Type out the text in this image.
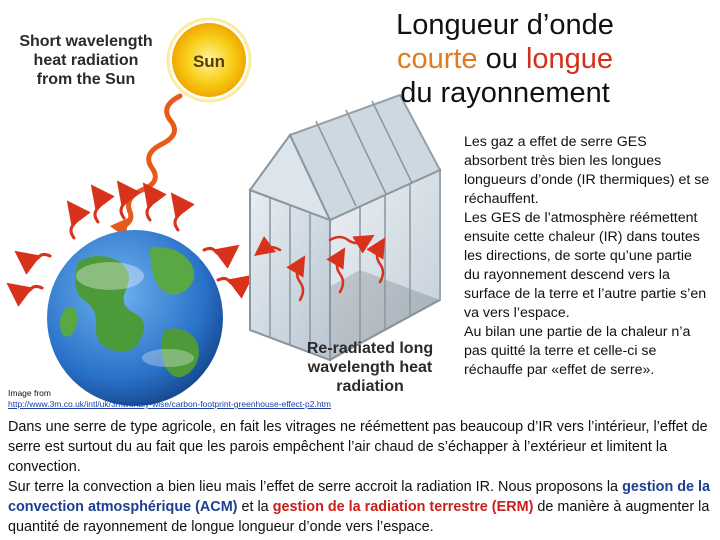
Short wavelength
heat radiation
from the Sun
Sun
Re-radiated long
wavelength heat
radiation
Longueur d’onde
courte ou longue
du rayonnement

Les gaz a effet de serre GES absorbent très bien les longues longueurs d’onde (IR thermiques) et se réchauffent.

Les GES de l’atmosphère réémettent ensuite cette chaleur (IR) dans toutes les directions, de sorte qu’une partie du rayonnement descend vers la surface de la terre et l’autre partie s’en va vers l’espace.

Au bilan une partie de la chaleur n’a pas quitté la terre et celle-ci se réchauffe par «effet de serre».

Image from
http://www.3m.co.uk/intl/uk/3mworldly-wise/carbon-footprint-greenhouse-effect-p2.htm

Dans une serre de type agricole, en fait les vitrages ne réémettent pas beaucoup d’IR vers l’intérieur, l’effet de serre est surtout du au fait que les parois empêchent l’air chaud de s’échapper à l’extérieur et limitent la convection.

Sur terre la convection a bien lieu mais l’effet de serre accroit la radiation IR. Nous proposons la gestion de la convection atmosphérique (ACM) et la gestion de la radiation terrestre (ERM) de manière à augmenter la quantité de rayonnement de longue longueur d’onde vers l’espace.
